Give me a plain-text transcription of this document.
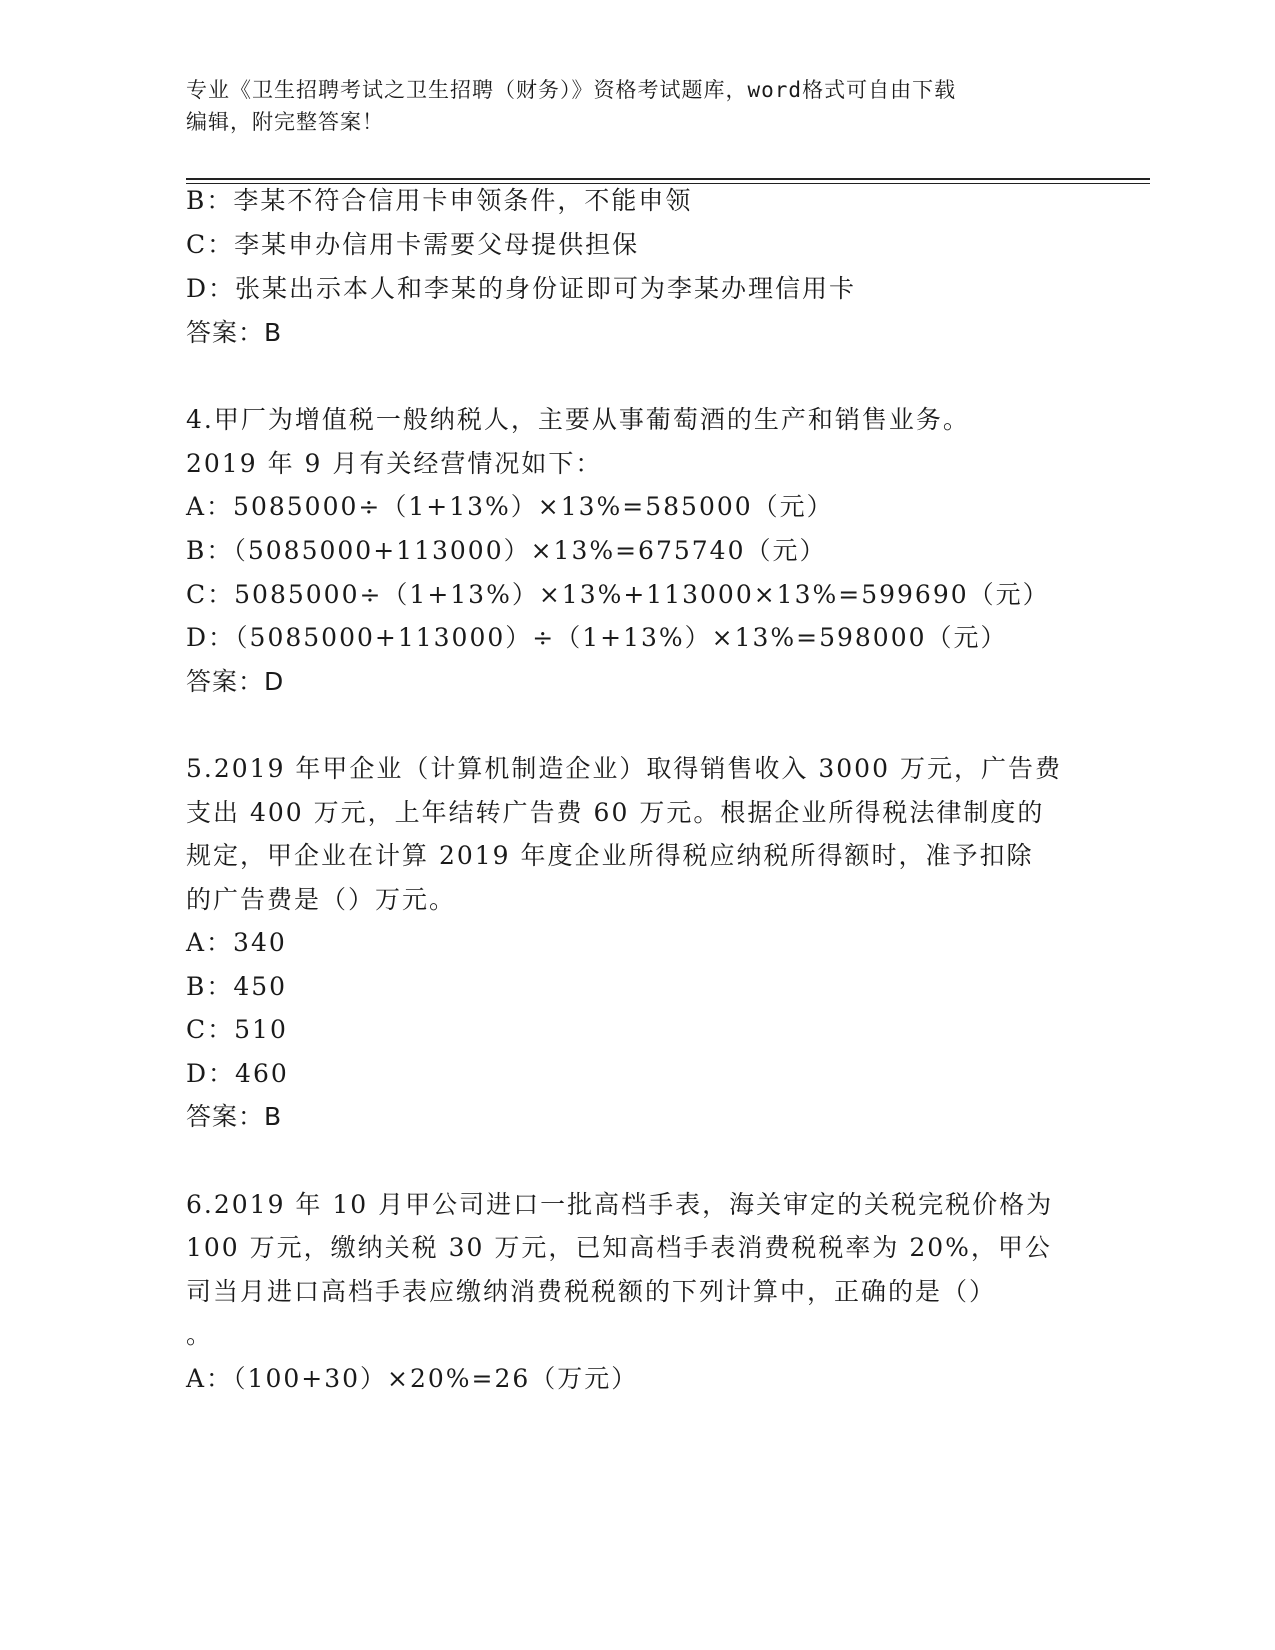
专业《卫生招聘考试之卫生招聘（财务）》资格考试题库，word格式可自由下载
编辑，附完整答案！
B：李某不符合信用卡申领条件，不能申领
C：李某申办信用卡需要父母提供担保
D：张某出示本人和李某的身份证即可为李某办理信用卡
答案：B
4.甲厂为增值税一般纳税人，主要从事葡萄酒的生产和销售业务。
2019 年 9 月有关经营情况如下：
A：5085000÷（1+13%）×13%=585000（元）
B：（5085000+113000）×13%=675740（元）
C：5085000÷（1+13%）×13%+113000×13%=599690（元）
D：（5085000+113000）÷（1+13%）×13%=598000（元）
答案：D
5.2019 年甲企业（计算机制造企业）取得销售收入 3000 万元，广告费
支出 400 万元，上年结转广告费 60 万元。根据企业所得税法律制度的
规定，甲企业在计算 2019 年度企业所得税应纳税所得额时，准予扣除
的广告费是（）万元。
A：340
B：450
C：510
D：460
答案：B
6.2019 年 10 月甲公司进口一批高档手表，海关审定的关税完税价格为
100 万元，缴纳关税 30 万元，已知高档手表消费税税率为 20%，甲公
司当月进口高档手表应缴纳消费税税额的下列计算中，正确的是（）
。
A：（100+30）×20%=26（万元）
